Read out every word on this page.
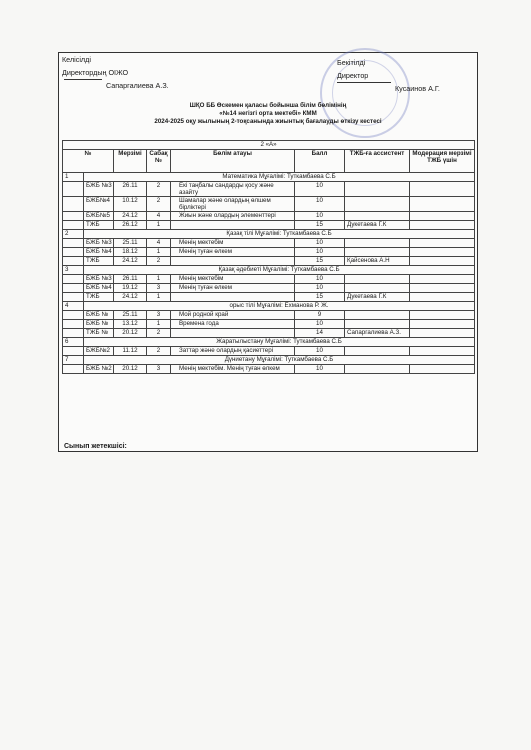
Келісілді
Директордың ОІЖО
Сапаргалиева А.З.
Бекітілді
Директор
Кусаинов А.Г.
ШҚО ББ Өскемен қаласы бойынша білім бөлімінің
«№14 негізгі орта мектебі» КММ
2024-2025 оқу жылының 2-тоқсанында жиынтық бағалауды өткізу кестесі
2 «А»							
№		Мерзімі	Сабақ №	Бөлім атауы	Балл	ТЖБ-ға ассистент	Модерация мерзімі ТЖБ үшін
1	Математика Мұғалімі: Туткамбаева С.Б						
	БЖБ №3	26.11	2	Екі таңбалы сандарды қосу және азайту	10		
	БЖБ№4	10.12	2	Шамалар және олардың өлшем бірліктері	10		
	БЖБ№5	24.12	4	Жиын және олардың элементтері	10		
	ТЖБ	26.12	1		15	Дукетаева Г.К	
2	Қазақ тілі Мұғалімі: Туткамбаева С.Б						
	БЖБ №3	25.11	4	Менің мектебім	10		
	БЖБ №4	18.12	1	Менің туған өлкем	10		
	ТЖБ	24.12	2		15	Қайсенова А.Н	
3	Қазақ әдебиеті Мұғалімі: Туткамбаева С.Б						
	БЖБ №3	26.11	1	Менің мектебім	10		
	БЖБ №4	19.12	3	Менің туған өлкем	10		
	ТЖБ	24.12	1		15	Дукетаева Г.К	
4	орыс тілі Мұғалімі: Ехманова Р. Ж.						
	БЖБ №	25.11	3	Мой родной край	9		
	БЖБ №	13.12	1	Времена года	10		
	ТЖБ №	20.12	2		14	Сапаргалиева А.З.	
6	Жаратылыстану Мұғалімі: Туткамбаева С.Б						
	БЖБ№2	11.12	2	Заттар және олардың қасиеттері	10		
7	Дүниетану Мұғалімі: Туткамбаева С.Б						
	БЖБ №2	20.12	3	Менің мектебім. Менің туған өлкем	10		
Сынып жетекшісі:
